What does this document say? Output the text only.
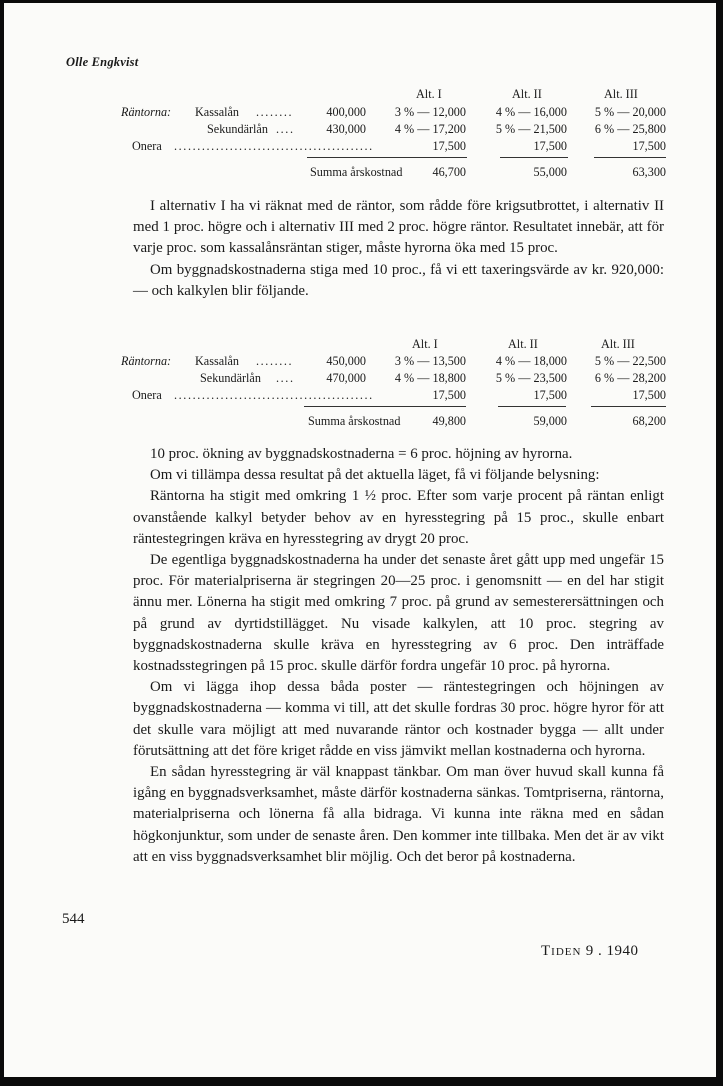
Olle Engkvist
Alt. I	Alt. II	Alt. III
Räntorna: Kassalån ........	400,000	3 % — 12,000	4 % — 16,000	5 % — 20,000
Sekundärlån ....	430,000	4 % — 17,200	5 % — 21,500	6 % — 25,800
Onera ...........................................	17,500	17,500	17,500
Summa årskostnad	46,700	55,000	63,300

I alternativ I ha vi räknat med de räntor, som rådde före krigsutbrottet, i alternativ II med 1 proc. högre och i alternativ III med 2 proc. högre räntor. Resultatet innebär, att för varje proc. som kassalånsräntan stiger, måste hyrorna öka med 15 proc.

Om byggnadskostnaderna stiga med 10 proc., få vi ett taxeringsvärde av kr. 920,000: — och kalkylen blir följande.

Alt. I	Alt. II	Alt. III
Räntorna: Kassalån ........	450,000	3 % — 13,500	4 % — 18,000	5 % — 22,500
Sekundärlån ....	470,000	4 % — 18,800	5 % — 23,500	6 % — 28,200
Onera ...........................................	17,500	17,500	17,500
Summa årskostnad	49,800	59,000	68,200

10 proc. ökning av byggnadskostnaderna = 6 proc. höjning av hyrorna.

Om vi tillämpa dessa resultat på det aktuella läget, få vi följande belysning:

Räntorna ha stigit med omkring 1 ½ proc. Efter som varje procent på räntan enligt ovanstående kalkyl betyder behov av en hyresstegring på 15 proc., skulle enbart räntestegringen kräva en hyresstegring av drygt 20 proc.

De egentliga byggnadskostnaderna ha under det senaste året gått upp med ungefär 15 proc. För materialpriserna är stegringen 20—25 proc. i genomsnitt — en del har stigit ännu mer. Lönerna ha stigit med omkring 7 proc. på grund av semesterersättningen och på grund av dyrtidstillägget. Nu visade kalkylen, att 10 proc. stegring av byggnadskostnaderna skulle kräva en hyresstegring av 6 proc. Den inträffade kostnadsstegringen på 15 proc. skulle därför fordra ungefär 10 proc. på hyrorna.

Om vi lägga ihop dessa båda poster — räntestegringen och höjningen av byggnadskostnaderna — komma vi till, att det skulle fordras 30 proc. högre hyror för att det skulle vara möjligt att med nuvarande räntor och kostnader bygga — allt under förutsättning att det före kriget rådde en viss jämvikt mellan kostnaderna och hyrorna.

En sådan hyresstegring är väl knappast tänkbar. Om man över huvud skall kunna få igång en byggnadsverksamhet, måste därför kostnaderna sänkas. Tomtpriserna, räntorna, materialpriserna och lönerna få alla bidraga. Vi kunna inte räkna med en sådan högkonjunktur, som under de senaste åren. Den kommer inte tillbaka. Men det är av vikt att en viss byggnadsverksamhet blir möjlig. Och det beror på kostnaderna.

544
Tiden 9 . 1940
